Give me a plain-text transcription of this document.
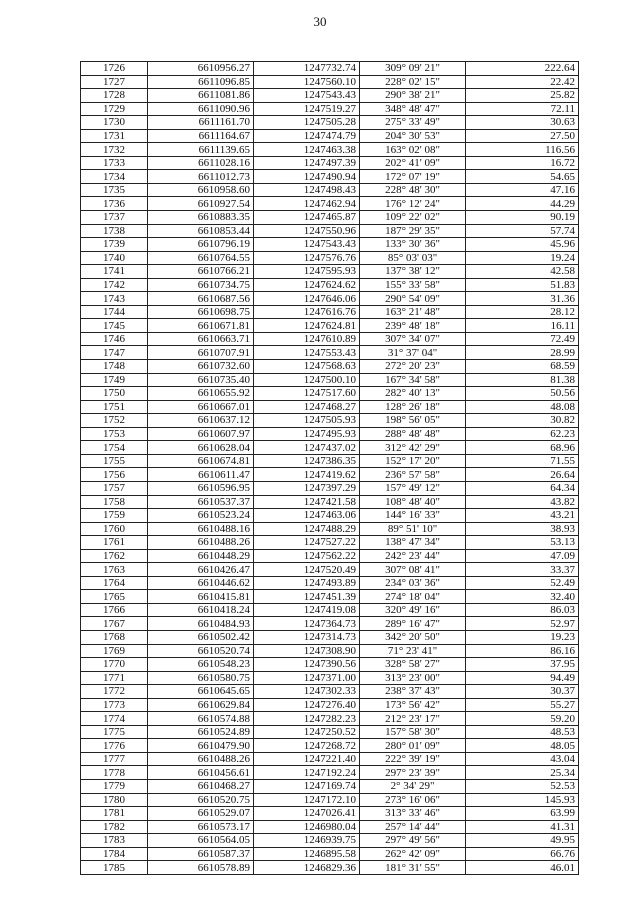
30
1726	6610956.27	1247732.74	309° 09' 21"	222.64
1727	6611096.85	1247560.10	228° 02' 15"	22.42
1728	6611081.86	1247543.43	290° 38' 21"	25.82
1729	6611090.96	1247519.27	348° 48' 47"	72.11
1730	6611161.70	1247505.28	275° 33' 49"	30.63
1731	6611164.67	1247474.79	204° 30' 53"	27.50
1732	6611139.65	1247463.38	163° 02' 08"	116.56
1733	6611028.16	1247497.39	202° 41' 09"	16.72
1734	6611012.73	1247490.94	172° 07' 19"	54.65
1735	6610958.60	1247498.43	228° 48' 30"	47.16
1736	6610927.54	1247462.94	176° 12' 24"	44.29
1737	6610883.35	1247465.87	109° 22' 02"	90.19
1738	6610853.44	1247550.96	187° 29' 35"	57.74
1739	6610796.19	1247543.43	133° 30' 36"	45.96
1740	6610764.55	1247576.76	85° 03' 03"	19.24
1741	6610766.21	1247595.93	137° 38' 12"	42.58
1742	6610734.75	1247624.62	155° 33' 58"	51.83
1743	6610687.56	1247646.06	290° 54' 09"	31.36
1744	6610698.75	1247616.76	163° 21' 48"	28.12
1745	6610671.81	1247624.81	239° 48' 18"	16.11
1746	6610663.71	1247610.89	307° 34' 07"	72.49
1747	6610707.91	1247553.43	31° 37' 04"	28.99
1748	6610732.60	1247568.63	272° 20' 23"	68.59
1749	6610735.40	1247500.10	167° 34' 58"	81.38
1750	6610655.92	1247517.60	282° 40' 13"	50.56
1751	6610667.01	1247468.27	128° 26' 18"	48.08
1752	6610637.12	1247505.93	198° 56' 05"	30.82
1753	6610607.97	1247495.93	288° 48' 48"	62.23
1754	6610628.04	1247437.02	312° 42' 29"	68.96
1755	6610674.81	1247386.35	152° 17' 20"	71.55
1756	6610611.47	1247419.62	236° 57' 58"	26.64
1757	6610596.95	1247397.29	157° 49' 12"	64.34
1758	6610537.37	1247421.58	108° 48' 40"	43.82
1759	6610523.24	1247463.06	144° 16' 33"	43.21
1760	6610488.16	1247488.29	89° 51' 10"	38.93
1761	6610488.26	1247527.22	138° 47' 34"	53.13
1762	6610448.29	1247562.22	242° 23' 44"	47.09
1763	6610426.47	1247520.49	307° 08' 41"	33.37
1764	6610446.62	1247493.89	234° 03' 36"	52.49
1765	6610415.81	1247451.39	274° 18' 04"	32.40
1766	6610418.24	1247419.08	320° 49' 16"	86.03
1767	6610484.93	1247364.73	289° 16' 47"	52.97
1768	6610502.42	1247314.73	342° 20' 50"	19.23
1769	6610520.74	1247308.90	71° 23' 41"	86.16
1770	6610548.23	1247390.56	328° 58' 27"	37.95
1771	6610580.75	1247371.00	313° 23' 00"	94.49
1772	6610645.65	1247302.33	238° 37' 43"	30.37
1773	6610629.84	1247276.40	173° 56' 42"	55.27
1774	6610574.88	1247282.23	212° 23' 17"	59.20
1775	6610524.89	1247250.52	157° 58' 30"	48.53
1776	6610479.90	1247268.72	280° 01' 09"	48.05
1777	6610488.26	1247221.40	222° 39' 19"	43.04
1778	6610456.61	1247192.24	297° 23' 39"	25.34
1779	6610468.27	1247169.74	2° 34' 29"	52.53
1780	6610520.75	1247172.10	273° 16' 06"	145.93
1781	6610529.07	1247026.41	313° 33' 46"	63.99
1782	6610573.17	1246980.04	257° 14' 44"	41.31
1783	6610564.05	1246939.75	297° 49' 56"	49.95
1784	6610587.37	1246895.58	262° 42' 09"	66.76
1785	6610578.89	1246829.36	181° 31' 55"	46.01
